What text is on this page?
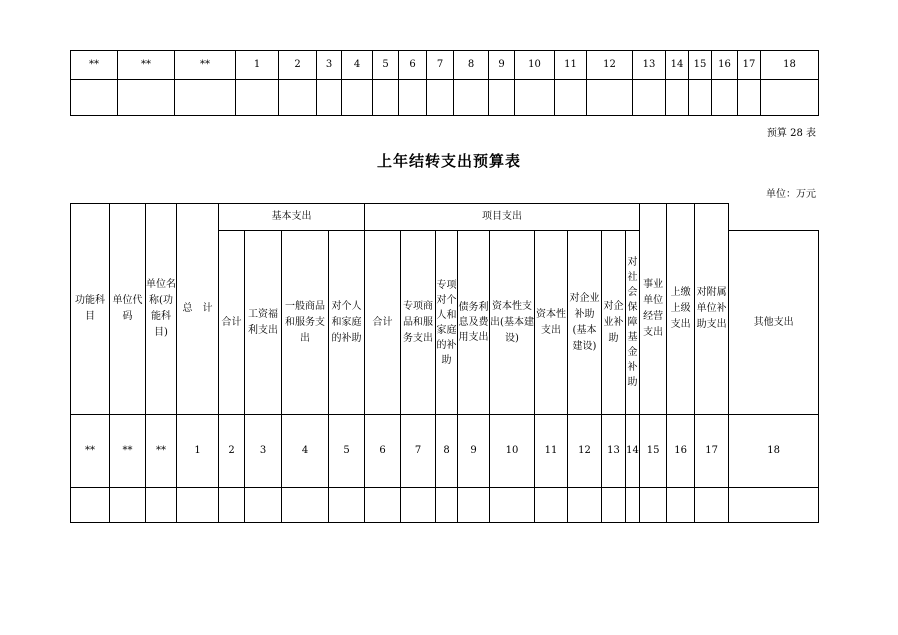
**	**	**	1	2	3	4	5	6	7	8	9	10	11	12	13	14	15	16	17	18

预算 28 表
上年结转支出预算表
单位：万元
功能科目	单位代码	单位名称(功能科目)	总　计	基本支出				项目支出									事业单位经营支出	上缴上级支出	对附属单位补助支出	
				合计	工资福利支出	一般商品和服务支出	对个人和家庭的补助	合计	专项商品和服务支出	专项对个人和家庭的补助	债务利息及费用支出	资本性支出(基本建设)	资本性支出	对企业补助(基本建设)	对企业补助	对社会保障基金补助				其他支出
**	**	**	1	2	3	4	5	6	7	8	9	10	11	12	13	14	15	16	17	18
